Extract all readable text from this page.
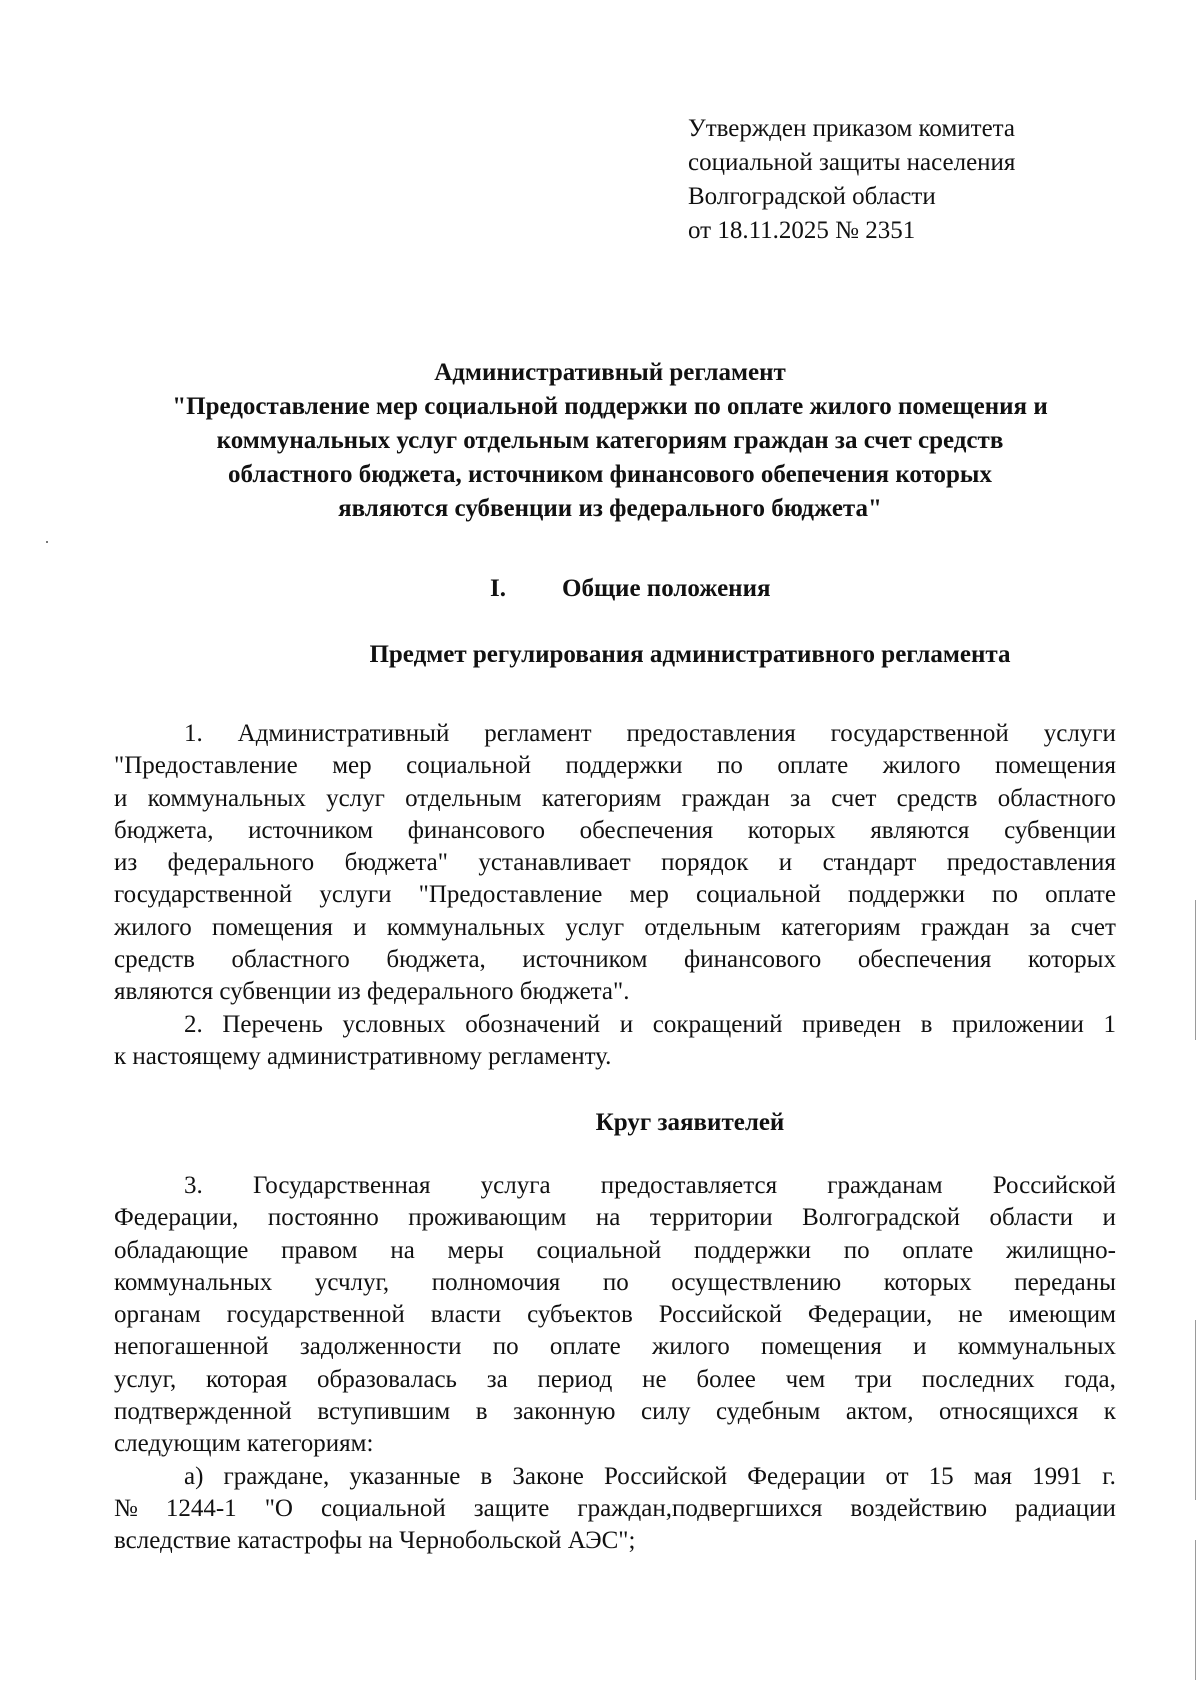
Утвержден приказом комитета
социальной защиты населения
Волгоградской области
от 18.11.2025 № 2351
Административный регламент
"Предоставление мер социальной поддержки по оплате жилого помещения и
коммунальных услуг отдельным категориям граждан за счет средств
областного бюджета, источником финансового обепечения которых
являются субвенции из федерального бюджета"
I. Общие положения
Предмет регулирования административного регламента
1. Административный регламент предоставления государственной услуги
"Предоставление мер социальной поддержки по оплате жилого помещения
и коммунальных услуг отдельным категориям граждан за счет средств областного
бюджета, источником финансового обеспечения которых являются субвенции
из федерального бюджета" устанавливает порядок и стандарт предоставления
государственной услуги "Предоставление мер социальной поддержки по оплате
жилого помещения и коммунальных услуг отдельным категориям граждан за счет
средств областного бюджета, источником финансового обеспечения которых
являются субвенции из федерального бюджета".
2. Перечень условных обозначений и сокращений приведен в приложении 1
к настоящему административному регламенту.
Круг заявителей
3. Государственная услуга предоставляется гражданам Российской
Федерации, постоянно проживающим на территории Волгоградской области и
обладающие правом на меры социальной поддержки по оплате жилищно-
коммунальных усчлуг, полномочия по осуществлению которых переданы
органам государственной власти субъектов Российской Федерации, не имеющим
непогашенной задолженности по оплате жилого помещения и коммунальных
услуг, которая образовалась за период не более чем три последних года,
подтвержденной вступившим в законную силу судебным актом, относящихся к
следующим категориям:
а) граждане, указанные в Законе Российской Федерации от 15 мая 1991 г.
№ 1244-1 "О социальной защите граждан,подвергшихся воздействию радиации
вследствие катастрофы на Чернобольской АЭС";
